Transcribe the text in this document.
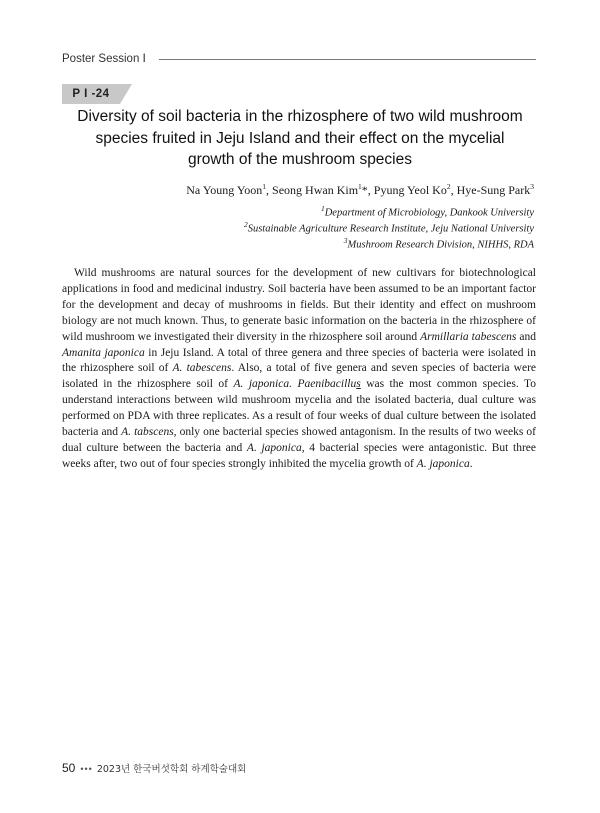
Poster Session Ⅰ
P I -24
Diversity of soil bacteria in the rhizosphere of two wild mushroom
species fruited in Jeju Island and their effect on the mycelial
growth of the mushroom species
Na Young Yoon$^1$, Seong Hwan Kim$^1$*, Pyung Yeol Ko$^2$, Hye-Sung Park$^3$
$^1$Department of Microbiology, Dankook University
$^2$Sustainable Agriculture Research Institute, Jeju National University
$^3$Mushroom Research Division, NIHHS, RDA

Wild mushrooms are natural sources for the development of new cultivars for biotechnological applications in food and medicinal industry. Soil bacteria have been assumed to be an important factor for the development and decay of mushrooms in fields. But their identity and effect on mushroom biology are not much known. Thus, to generate basic information on the bacteria in the rhizosphere of wild mushroom we investigated their diversity in the rhizosphere soil around Armillaria tabescens and Amanita japonica in Jeju Island. A total of three genera and three species of bacteria were isolated in the rhizosphere soil of A. tabescens. Also, a total of five genera and seven species of bacteria were isolated in the rhizosphere soil of A. japonica. Paenibacillus was the most common species. To understand interactions between wild mushroom mycelia and the isolated bacteria, dual culture was performed on PDA with three replicates. As a result of four weeks of dual culture between the isolated bacteria and A. tabscens, only one bacterial species showed antagonism. In the results of two weeks of dual culture between the bacteria and A. japonica, 4 bacterial species were antagonistic. But three weeks after, two out of four species strongly inhibited the mycelia growth of A. japonica.

50 ••• 2023년 한국버섯학회 하계학술대회
